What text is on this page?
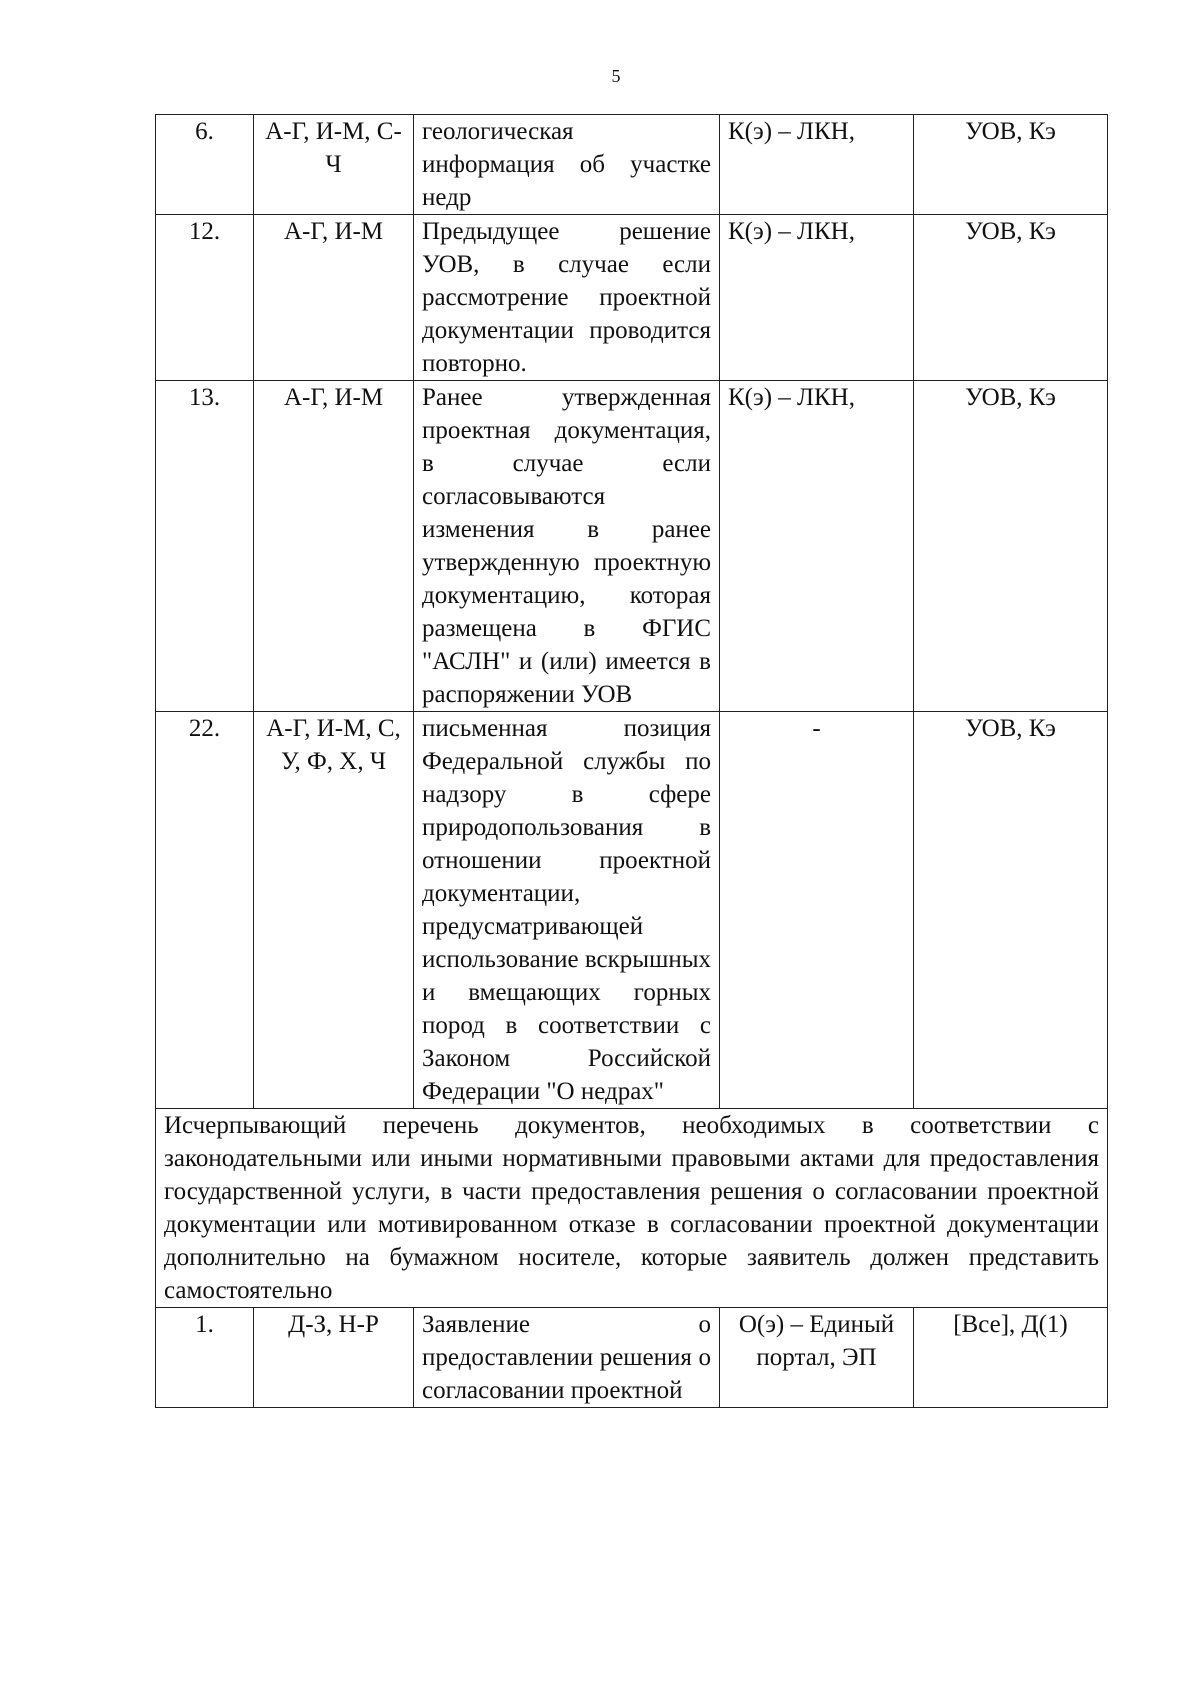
5
6.	А-Г, И-М, С-Ч	геологическая информация об участке недр	К(э) – ЛКН,	УОВ, Кэ
12.	А-Г, И-М	Предыдущее решение УОВ, в случае если рассмотрение проектной документации проводится повторно.	К(э) – ЛКН,	УОВ, Кэ
13.	А-Г, И-М	Ранее утвержденная проектная документация, в случае если согласовываются изменения в ранее утвержденную проектную документацию, которая размещена в ФГИС "АСЛН" и (или) имеется в распоряжении УОВ	К(э) – ЛКН,	УОВ, Кэ
22.	А-Г, И-М, С, У, Ф, Х, Ч	письменная позиция Федеральной службы по надзору в сфере природопользования в отношении проектной документации, предусматривающей использование вскрышных и вмещающих горных пород в соответствии с Законом Российской Федерации "О недрах"	-	УОВ, Кэ
Исчерпывающий перечень документов, необходимых в соответствии с законодательными или иными нормативными правовыми актами для предоставления государственной услуги, в части предоставления решения о согласовании проектной документации или мотивированном отказе в согласовании проектной документации дополнительно на бумажном носителе, которые заявитель должен представить самостоятельно				
1.	Д-З, Н-Р	Заявление о предоставлении решения о согласовании проектной	О(э) – Единый портал, ЭП	[Все], Д(1)
